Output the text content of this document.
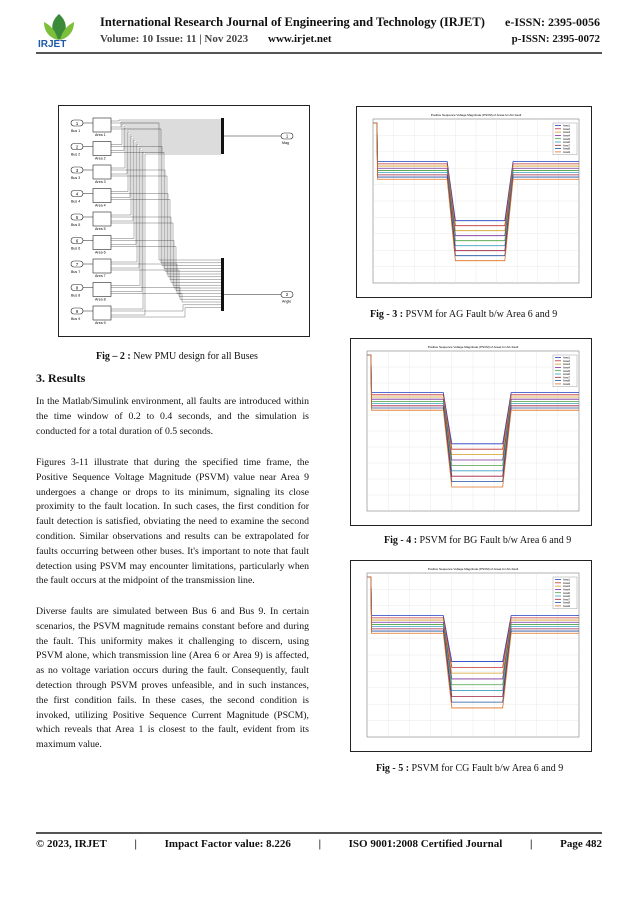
IRJET
International Research Journal of Engineering and Technology (IRJET) e-ISSN: 2395-0056
Volume: 10 Issue: 11 | Nov 2023 www.irjet.net	p-ISSN: 2395-0072
1
Bus 1
Area 1
2
Bus 2
Area 2
3
Bus 3
Area 3
4
Bus 4
Area 4
5
Bus 5
Area 5
6
Bus 6
Area 6
7
Bus 7
Area 7
8
Bus 8
Area 8
9
Bus 9
Area 9
1
Mag
2
Angle
Fig – 2 : New PMU design for all Buses
3. Results
In the Matlab/Simulink environment, all faults are introduced within the time window of 0.2 to 0.4 seconds, and the simulation is conducted for a total duration of 0.5 seconds.
Figures 3-11 illustrate that during the specified time frame, the Positive Sequence Voltage Magnitude (PSVM) value near Area 9 undergoes a change or drops to its minimum, signaling its close proximity to the fault location. In such cases, the first condition for fault detection is satisfied, obviating the need to examine the second condition. Similar observations and results can be extrapolated for faults occurring between other buses. It's important to note that fault detection using PSVM may encounter limitations, particularly when the fault occurs at the midpoint of the transmission line.
Diverse faults are simulated between Bus 6 and Bus 9. In certain scenarios, the PSVM magnitude remains constant before and during the fault. This uniformity makes it challenging to discern, using PSVM alone, which transmission line (Area 6 or Area 9) is affected, as no voltage variation occurs during the fault. Consequently, fault detection through PSVM proves unfeasible, and in such instances, the first condition fails. In these cases, the second condition is invoked, utilizing Positive Sequence Current Magnitude (PSCM), which reveals that Area 1 is closest to the fault, evident from its maximum value.
Positive Sequence Voltage Magnitude (PSVM) of Areas for AG Fault
Area1
Area2
Area3
Area4
Area5
Area6
Area7
Area8
Area9
Fig - 3 : PSVM for AG Fault b/w Area 6 and 9
Positive Sequence Voltage Magnitude (PSVM) of Areas for AG Fault
Area1
Area2
Area3
Area4
Area5
Area6
Area7
Area8
Area9
Fig - 4 : PSVM for BG Fault b/w Area 6 and 9
Positive Sequence Voltage Magnitude (PSVM) of Areas for AG Fault
Area1
Area2
Area3
Area4
Area5
Area6
Area7
Area8
Area9
Fig - 5 : PSVM for CG Fault b/w Area 6 and 9
© 2023, IRJET	|	Impact Factor value: 8.226	|	ISO 9001:2008 Certified Journal	|	Page 482
